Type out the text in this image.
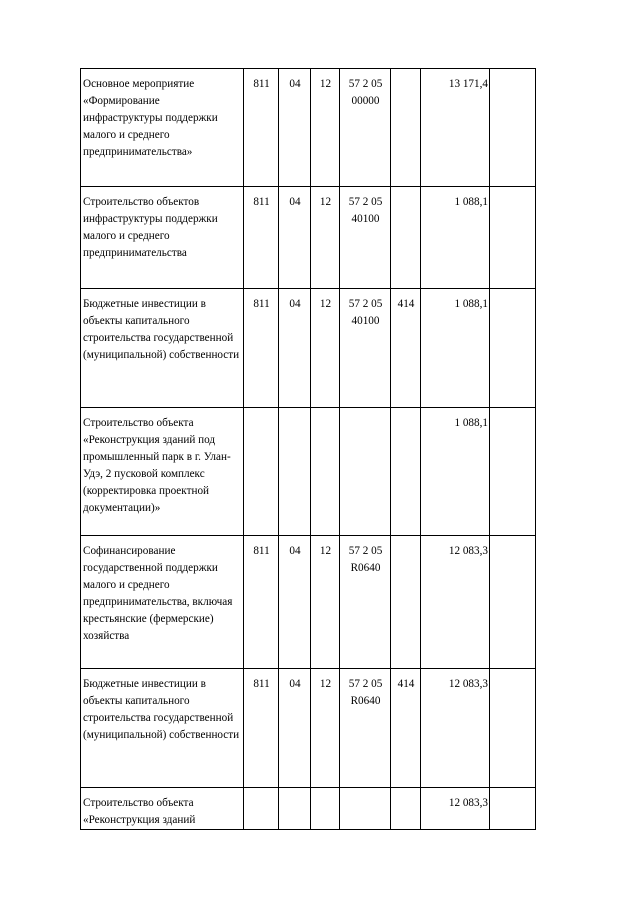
Основное мероприятие «Формирование инфраструктуры поддержки малого и среднего предпринимательства»	811	04	12	57 2 05 00000		13 171,4	
Строительство объектов инфраструктуры поддержки малого и среднего предпринимательства	811	04	12	57 2 05 40100		1 088,1	
Бюджетные инвестиции в объекты капитального строительства государственной (муниципальной) собственности	811	04	12	57 2 05 40100	414	1 088,1	
Строительство объекта «Реконструкция зданий под промышленный парк в г. Улан-Удэ, 2 пусковой комплекс (корректировка проектной документации)»						1 088,1	
Софинансирование государственной поддержки малого и среднего предпринимательства, включая крестьянские (фермерские) хозяйства	811	04	12	57 2 05 R0640		12 083,3	
Бюджетные инвестиции в объекты капитального строительства государственной (муниципальной) собственности	811	04	12	57 2 05 R0640	414	12 083,3	
Строительство объекта «Реконструкция зданий						12 083,3	
